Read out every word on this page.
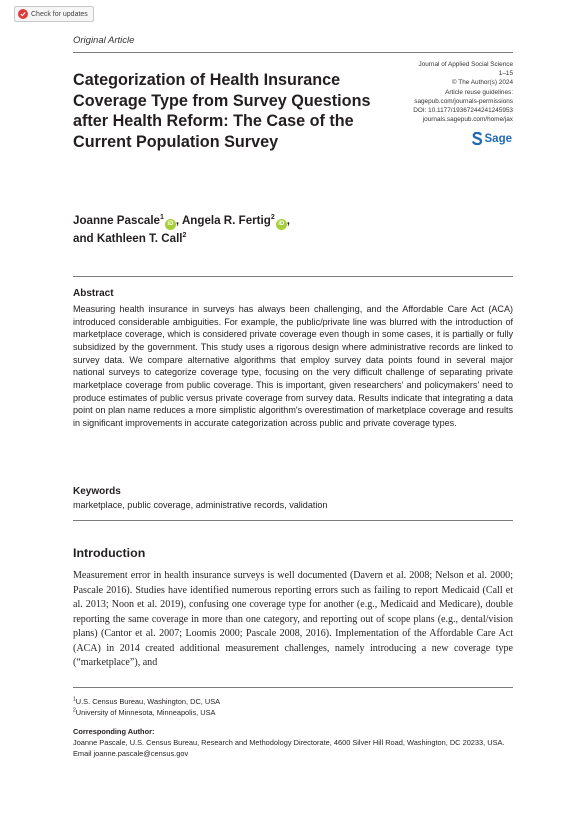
Check for updates
Original Article
Categorization of Health Insurance Coverage Type from Survey Questions after Health Reform: The Case of the Current Population Survey
Journal of Applied Social Science
1–15
© The Author(s) 2024
Article reuse guidelines:
sagepub.com/journals-permissions
DOI: 10.1177/19367244241245953
journals.sagepub.com/home/jax
Sage
Joanne Pascale$^1$iD , Angela R. Fertig$^2$iD ,
and Kathleen T. Call$^2$
Abstract
Measuring health insurance in surveys has always been challenging, and the Affordable Care Act (ACA) introduced considerable ambiguities. For example, the public/private line was blurred with the introduction of marketplace coverage, which is considered private coverage even though in some cases, it is partially or fully subsidized by the government. This study uses a rigorous design where administrative records are linked to survey data. We compare alternative algorithms that employ survey data points found in several major national surveys to categorize coverage type, focusing on the very difficult challenge of separating private marketplace coverage from public coverage. This is important, given researchers' and policymakers' need to produce estimates of public versus private coverage from survey data. Results indicate that integrating a data point on plan name reduces a more simplistic algorithm's overestimation of marketplace coverage and results in significant improvements in accurate categorization across public and private coverage types.
Keywords
marketplace, public coverage, administrative records, validation
Introduction
Measurement error in health insurance surveys is well documented (Davern et al. 2008; Nelson et al. 2000; Pascale 2016). Studies have identified numerous reporting errors such as failing to report Medicaid (Call et al. 2013; Noon et al. 2019), confusing one coverage type for another (e.g., Medicaid and Medicare), double reporting the same coverage in more than one category, and reporting out of scope plans (e.g., dental/vision plans) (Cantor et al. 2007; Loomis 2000; Pascale 2008, 2016). Implementation of the Affordable Care Act (ACA) in 2014 created additional measurement challenges, namely introducing a new coverage type (“marketplace”), and
$^1$U.S. Census Bureau, Washington, DC, USA
$^2$University of Minnesota, Minneapolis, USA
Corresponding Author:
Joanne Pascale, U.S. Census Bureau, Research and Methodology Directorate, 4600 Silver Hill Road, Washington, DC 20233, USA.
Email joanne.pascale@census.gov
